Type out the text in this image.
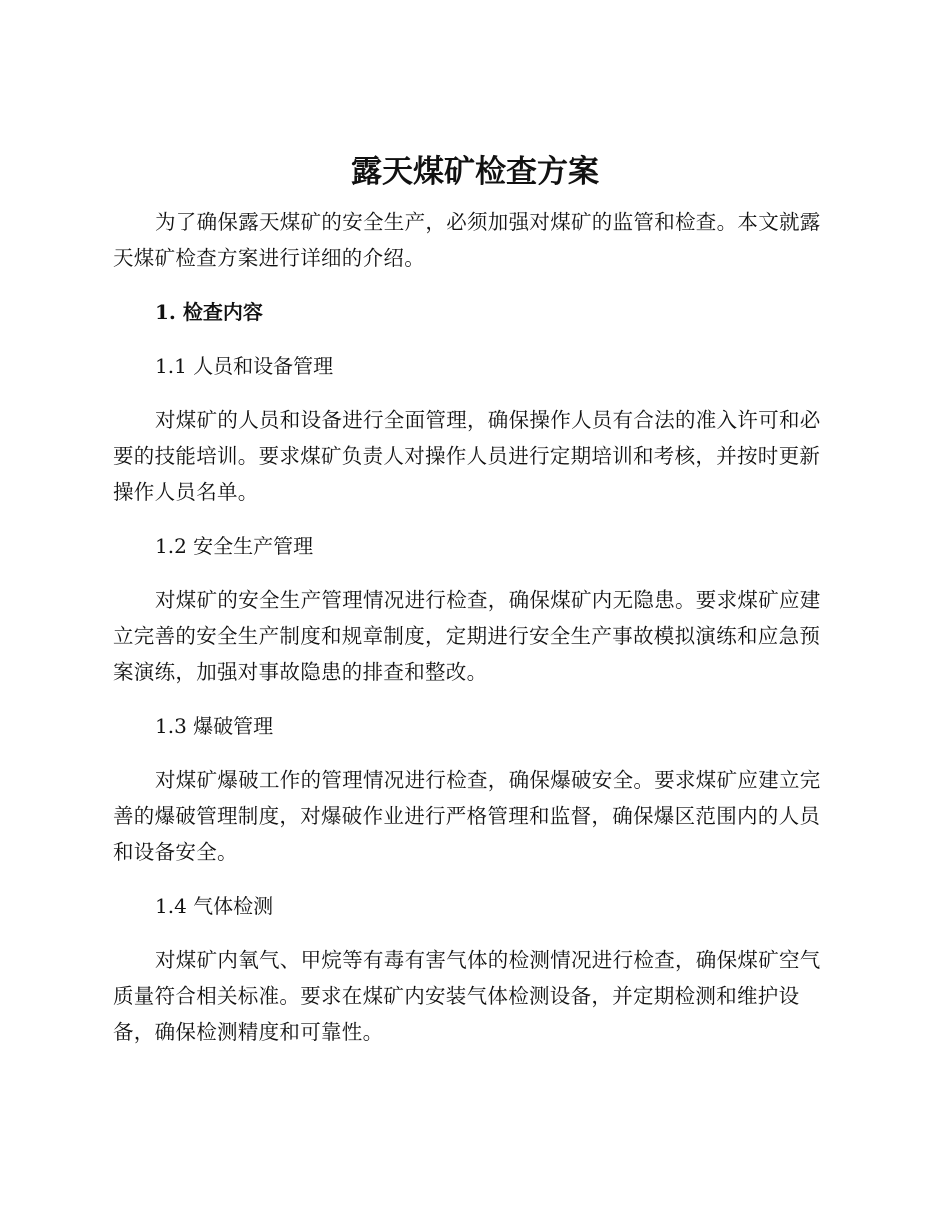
露天煤矿检查方案

为了确保露天煤矿的安全生产，必须加强对煤矿的监管和检查。本文就露天煤矿检查方案进行详细的介绍。

1. 检查内容

1.1 人员和设备管理

对煤矿的人员和设备进行全面管理，确保操作人员有合法的准入许可和必要的技能培训。要求煤矿负责人对操作人员进行定期培训和考核，并按时更新操作人员名单。

1.2 安全生产管理

对煤矿的安全生产管理情况进行检查，确保煤矿内无隐患。要求煤矿应建立完善的安全生产制度和规章制度，定期进行安全生产事故模拟演练和应急预案演练，加强对事故隐患的排查和整改。

1.3 爆破管理

对煤矿爆破工作的管理情况进行检查，确保爆破安全。要求煤矿应建立完善的爆破管理制度，对爆破作业进行严格管理和监督，确保爆区范围内的人员和设备安全。

1.4 气体检测

对煤矿内氧气、甲烷等有毒有害气体的检测情况进行检查，确保煤矿空气质量符合相关标准。要求在煤矿内安装气体检测设备，并定期检测和维护设备，确保检测精度和可靠性。
